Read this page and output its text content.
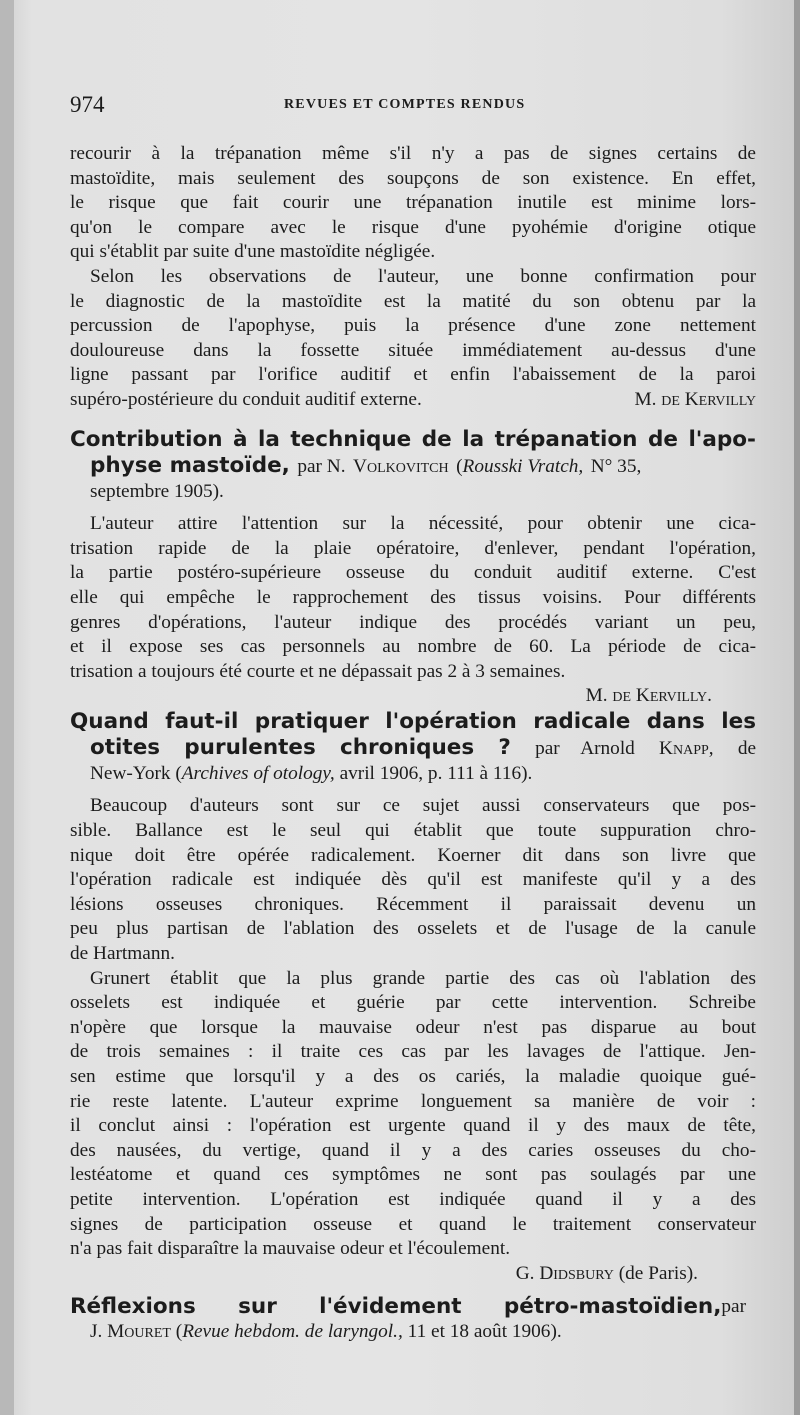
974	REVUES ET COMPTES RENDUS
recourir à la trépanation même s'il n'y a pas de signes certains de
mastoïdite, mais seulement des soupçons de son existence. En effet,
le risque que fait courir une trépanation inutile est minime lors-
qu'on le compare avec le risque d'une pyohémie d'origine otique
qui s'établit par suite d'une mastoïdite négligée.
Selon les observations de l'auteur, une bonne confirmation pour
le diagnostic de la mastoïdite est la matité du son obtenu par la
percussion de l'apophyse, puis la présence d'une zone nettement
douloureuse dans la fossette située immédiatement au-dessus d'une
ligne passant par l'orifice auditif et enfin l'abaissement de la paroi
supéro-postérieure du conduit auditif externe.	M. de Kervilly
Contribution à la technique de la trépanation de l'apo-
physe mastoïde, par N. Volkovitch (Rousski Vratch, N° 35,
septembre 1905).
L'auteur attire l'attention sur la nécessité, pour obtenir une cica-
trisation rapide de la plaie opératoire, d'enlever, pendant l'opération,
la partie postéro-supérieure osseuse du conduit auditif externe. C'est
elle qui empêche le rapprochement des tissus voisins. Pour différents
genres d'opérations, l'auteur indique des procédés variant un peu,
et il expose ses cas personnels au nombre de 60. La période de cica-
trisation a toujours été courte et ne dépassait pas 2 à 3 semaines.
M. de Kervilly.
Quand faut-il pratiquer l'opération radicale dans les
otites purulentes chroniques ? par Arnold Knapp, de
New-York (Archives of otology, avril 1906, p. 111 à 116).
Beaucoup d'auteurs sont sur ce sujet aussi conservateurs que pos-
sible. Ballance est le seul qui établit que toute suppuration chro-
nique doit être opérée radicalement. Koerner dit dans son livre que
l'opération radicale est indiquée dès qu'il est manifeste qu'il y a des
lésions osseuses chroniques. Récemment il paraissait devenu un
peu plus partisan de l'ablation des osselets et de l'usage de la canule
de Hartmann.
Grunert établit que la plus grande partie des cas où l'ablation des
osselets est indiquée et guérie par cette intervention. Schreibe
n'opère que lorsque la mauvaise odeur n'est pas disparue au bout
de trois semaines : il traite ces cas par les lavages de l'attique. Jen-
sen estime que lorsqu'il y a des os cariés, la maladie quoique gué-
rie reste latente. L'auteur exprime longuement sa manière de voir :
il conclut ainsi : l'opération est urgente quand il y des maux de tête,
des nausées, du vertige, quand il y a des caries osseuses du cho-
lestéatome et quand ces symptômes ne sont pas soulagés par une
petite intervention. L'opération est indiquée quand il y a des
signes de participation osseuse et quand le traitement conservateur
n'a pas fait disparaître la mauvaise odeur et l'écoulement.
G. Didsbury (de Paris).
Réflexions sur l'évidement pétro-mastoïdien, par
J. Mouret (Revue hebdom. de laryngol., 11 et 18 août 1906).
